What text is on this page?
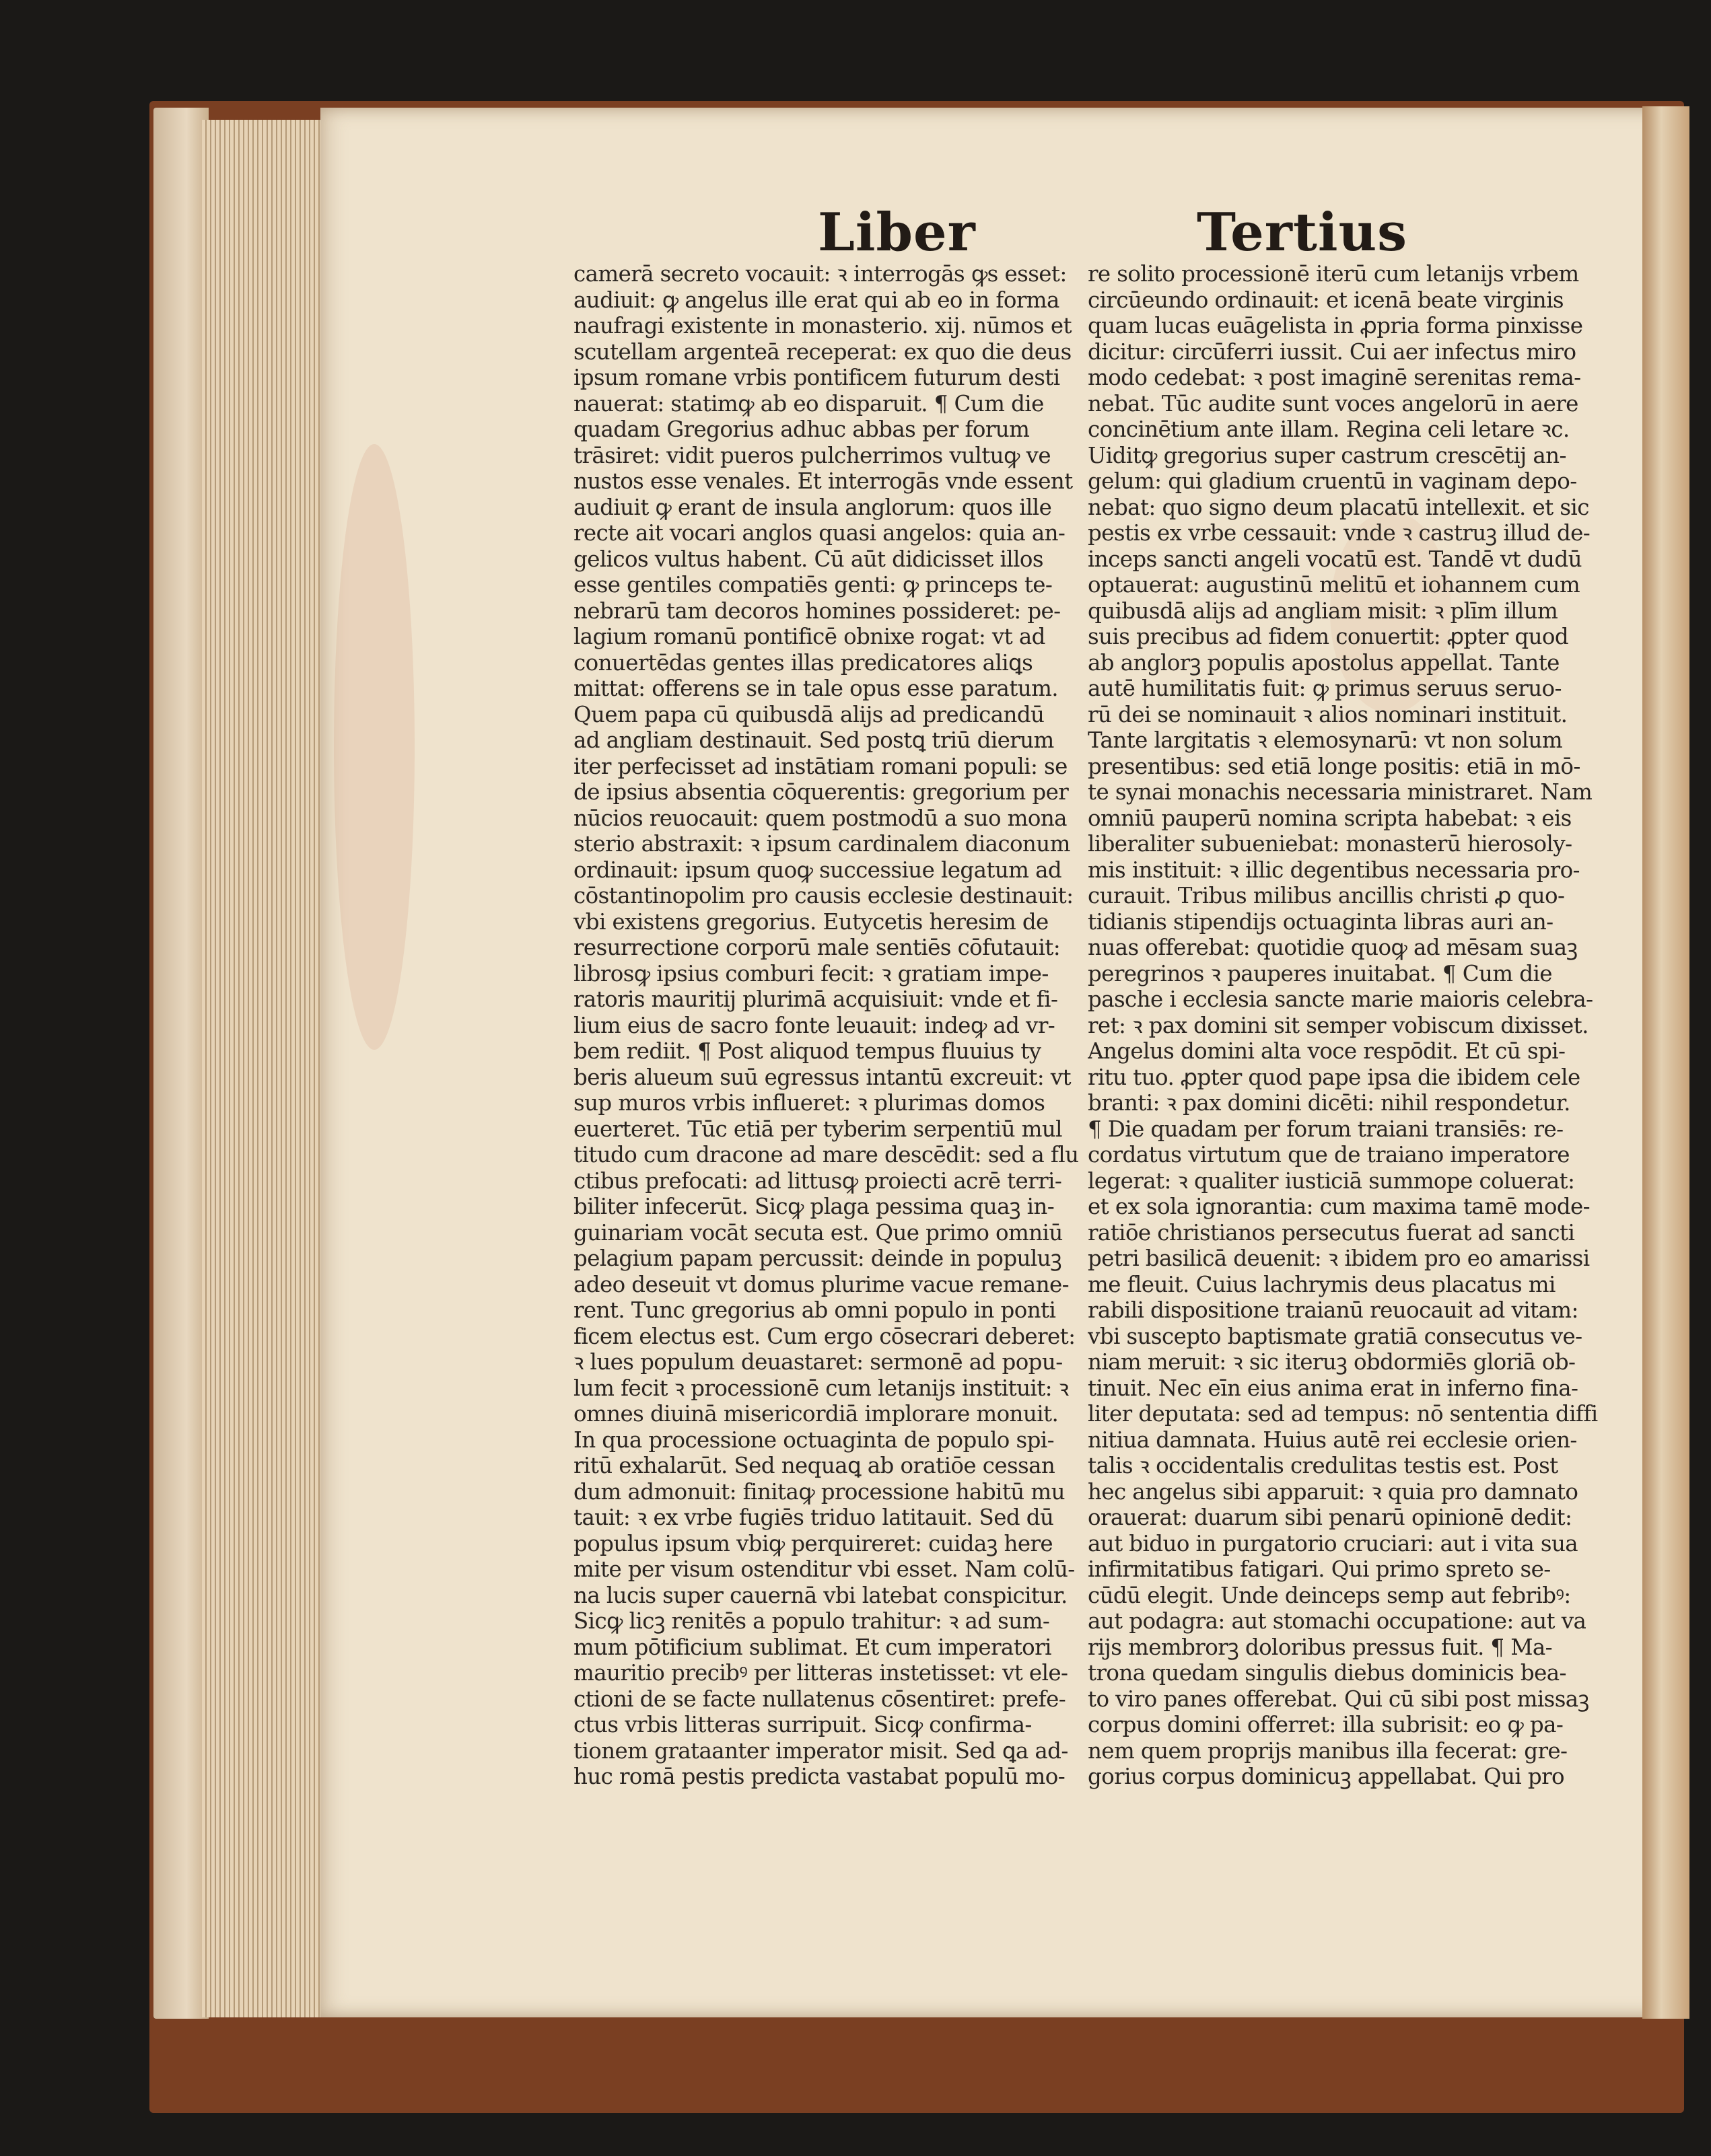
Liber	Tertius
camerā secreto vocauit: ꝛ interrogās ꝙs esset:
audiuit: ꝙ angelus ille erat qui ab eo in forma
naufragi existente in monasterio. xij. nūmos et
scutellam argenteā receperat: ex quo die deus
ipsum romane vrbis pontificem futurum desti
nauerat: statimꝙ ab eo disparuit. ¶ Cum die
quadam Gregorius adhuc abbas per forum
trāsiret: vidit pueros pulcherrimos vultuꝙ ve
nustos esse venales. Et interrogās vnde essent
audiuit ꝙ erant de insula anglorum: quos ille
recte ait vocari anglos quasi angelos: quia an-
gelicos vultus habent. Cū aūt didicisset illos
esse gentiles compatiēs genti: ꝙ princeps te-
nebrarū tam decoros homines possideret: pe-
lagium romanū pontificē obnixe rogat: vt ad
conuertēdas gentes illas predicatores aliꝗs
mittat: offerens se in tale opus esse paratum.
Quem papa cū quibusdā alijs ad predicandū
ad angliam destinauit. Sed postꝗ triū dierum
iter perfecisset ad instātiam romani populi: se
de ipsius absentia cōquerentis: gregorium per
nūcios reuocauit: quem postmodū a suo mona
sterio abstraxit: ꝛ ipsum cardinalem diaconum
ordinauit: ipsum quoꝙ successiue legatum ad
cōstantinopolim pro causis ecclesie destinauit:
vbi existens gregorius. Eutycetis heresim de
resurrectione corporū male sentiēs cōfutauit:
librosꝙ ipsius comburi fecit: ꝛ gratiam impe-
ratoris mauritij plurimā acquisiuit: vnde et fi-
lium eius de sacro fonte leuauit: indeꝙ ad vr-
bem rediit. ¶ Post aliquod tempus fluuius ty
beris alueum suū egressus intantū excreuit: vt
sup muros vrbis influeret: ꝛ plurimas domos
euerteret. Tūc etiā per tyberim serpentiū mul
titudo cum dracone ad mare descēdit: sed a flu
ctibus prefocati: ad littusꝙ proiecti acrē terri-
biliter infecerūt. Sicꝙ plaga pessima quaꝫ in-
guinariam vocāt secuta est. Que primo omniū
pelagium papam percussit: deinde in populuꝫ
adeo deseuit vt domus plurime vacue remane-
rent. Tunc gregorius ab omni populo in ponti
ficem electus est. Cum ergo cōsecrari deberet:
ꝛ lues populum deuastaret: sermonē ad popu-
lum fecit ꝛ processionē cum letanijs instituit: ꝛ
omnes diuinā misericordiā implorare monuit.
In qua processione octuaginta de populo spi-
ritū exhalarūt. Sed nequaꝗ ab oratiōe cessan
dum admonuit: finitaꝙ processione habitū mu
tauit: ꝛ ex vrbe fugiēs triduo latitauit. Sed dū
populus ipsum vbiꝙ perquireret: cuidaꝫ here
mite per visum ostenditur vbi esset. Nam colū-
na lucis super cauernā vbi latebat conspicitur.
Sicꝙ licꝫ renitēs a populo trahitur: ꝛ ad sum-
mum pōtificium sublimat. Et cum imperatori
mauritio precibꝰ per litteras instetisset: vt ele-
ctioni de se facte nullatenus cōsentiret: prefe-
ctus vrbis litteras surripuit. Sicꝙ confirma-
tionem grataanter imperator misit. Sed ꝗa ad-
huc romā pestis predicta vastabat populū mo-
re solito processionē iterū cum letanijs vrbem
circūeundo ordinauit: et icenā beate virginis
quam lucas euāgelista in ꝓpria forma pinxisse
dicitur: circūferri iussit. Cui aer infectus miro
modo cedebat: ꝛ post imaginē serenitas rema-
nebat. Tūc audite sunt voces angelorū in aere
concinētium ante illam. Regina celi letare ꝛc.
Uiditꝙ gregorius super castrum crescētij an-
gelum: qui gladium cruentū in vaginam depo-
nebat: quo signo deum placatū intellexit. et sic
pestis ex vrbe cessauit: vnde ꝛ castruꝫ illud de-
inceps sancti angeli vocatū est. Tandē vt dudū
optauerat: augustinū melitū et iohannem cum
quibusdā alijs ad angliam misit: ꝛ plīm illum
suis precibus ad fidem conuertit: ꝓpter quod
ab anglorꝫ populis apostolus appellat. Tante
autē humilitatis fuit: ꝙ primus seruus seruo-
rū dei se nominauit ꝛ alios nominari instituit.
Tante largitatis ꝛ elemosynarū: vt non solum
presentibus: sed etiā longe positis: etiā in mō-
te synai monachis necessaria ministraret. Nam
omniū pauperū nomina scripta habebat: ꝛ eis
liberaliter subueniebat: monasterū hierosoly-
mis instituit: ꝛ illic degentibus necessaria pro-
curauit. Tribus milibus ancillis christi ꝓ quo-
tidianis stipendijs octuaginta libras auri an-
nuas offerebat: quotidie quoꝙ ad mēsam suaꝫ
peregrinos ꝛ pauperes inuitabat. ¶ Cum die
pasche i ecclesia sancte marie maioris celebra-
ret: ꝛ pax domini sit semper vobiscum dixisset.
Angelus domini alta voce respōdit. Et cū spi-
ritu tuo. ꝓpter quod pape ipsa die ibidem cele
branti: ꝛ pax domini dicēti: nihil respondetur.
¶ Die quadam per forum traiani transiēs: re-
cordatus virtutum que de traiano imperatore
legerat: ꝛ qualiter iusticiā summope coluerat:
et ex sola ignorantia: cum maxima tamē mode-
ratiōe christianos persecutus fuerat ad sancti
petri basilicā deuenit: ꝛ ibidem pro eo amarissi
me fleuit. Cuius lachrymis deus placatus mi
rabili dispositione traianū reuocauit ad vitam:
vbi suscepto baptismate gratiā consecutus ve-
niam meruit: ꝛ sic iteruꝫ obdormiēs gloriā ob-
tinuit. Nec eīn eius anima erat in inferno fina-
liter deputata: sed ad tempus: nō sententia diffi
nitiua damnata. Huius autē rei ecclesie orien-
talis ꝛ occidentalis credulitas testis est. Post
hec angelus sibi apparuit: ꝛ quia pro damnato
orauerat: duarum sibi penarū opinionē dedit:
aut biduo in purgatorio cruciari: aut i vita sua
infirmitatibus fatigari. Qui primo spreto se-
cūdū elegit. Unde deinceps semp aut febribꝰ:
aut podagra: aut stomachi occupatione: aut va
rijs membrorꝫ doloribus pressus fuit. ¶ Ma-
trona quedam singulis diebus dominicis bea-
to viro panes offerebat. Qui cū sibi post missaꝫ
corpus domini offerret: illa subrisit: eo ꝙ pa-
nem quem proprijs manibus illa fecerat: gre-
gorius corpus dominicuꝫ appellabat. Qui pro
